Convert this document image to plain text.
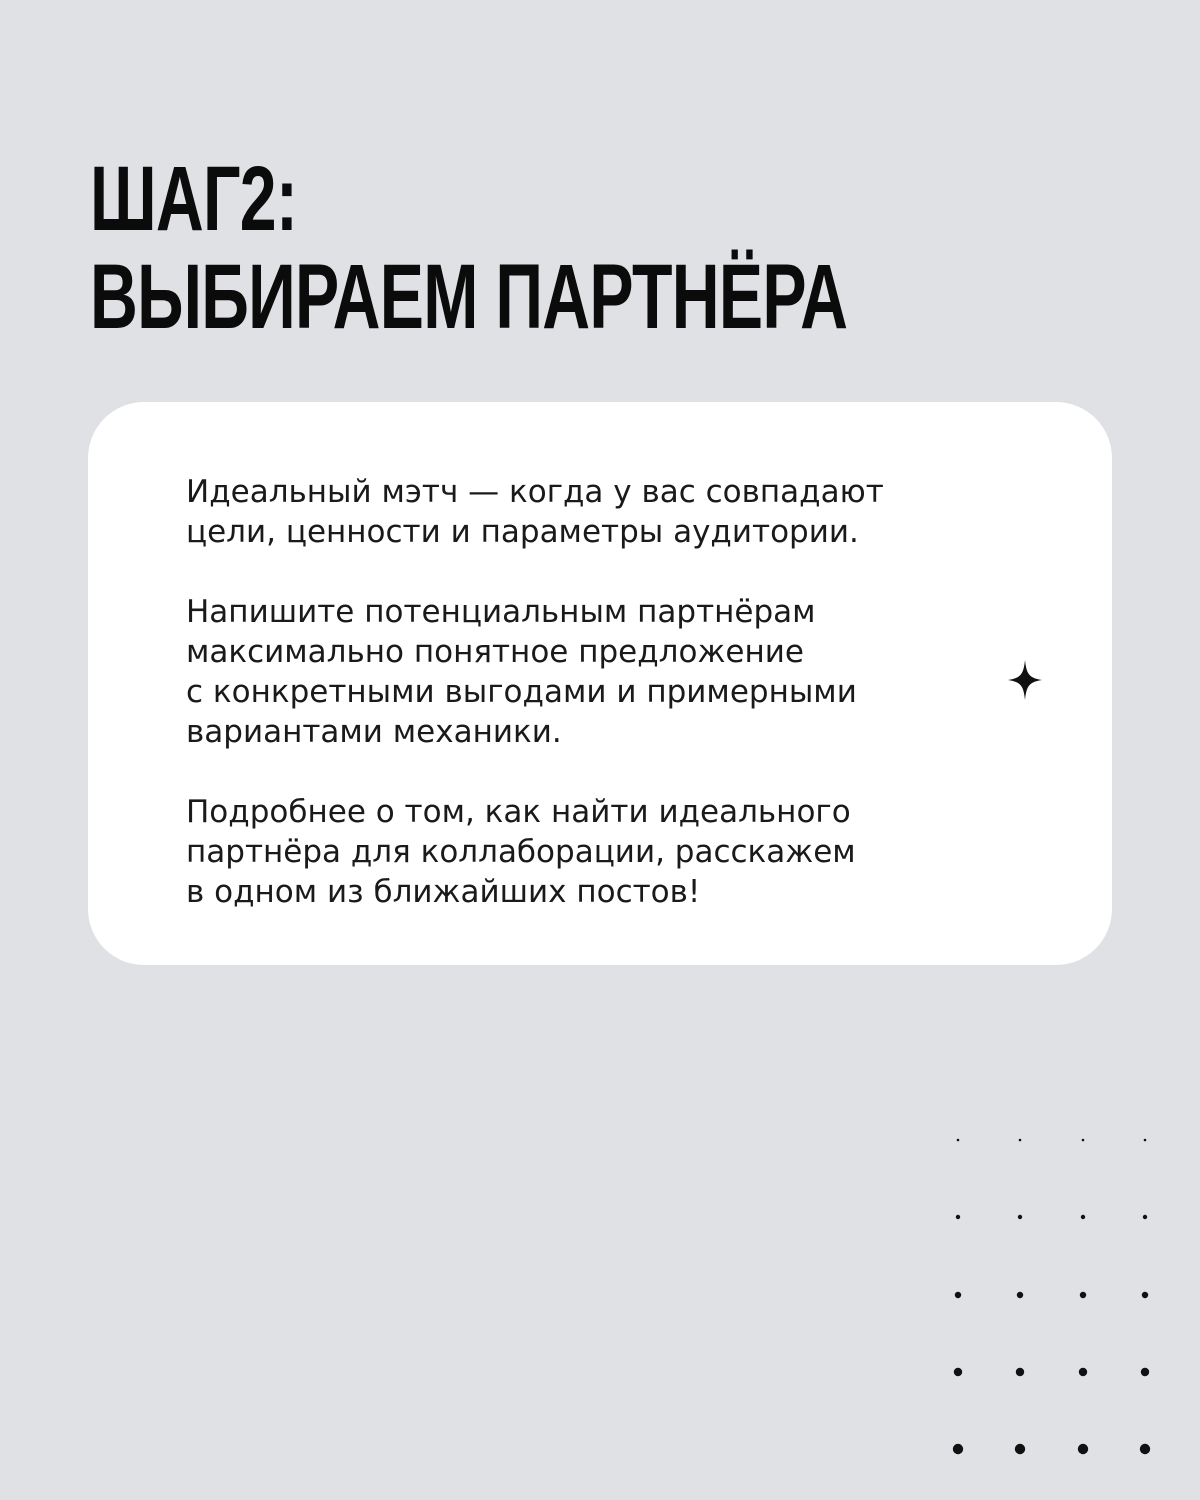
ШАГ2:
ВЫБИРАЕМ ПАРТНЁРА

Идеальный мэтч — когда у вас совпадают
цели, ценности и параметры аудитории.

Напишите потенциальным партнёрам
максимально понятное предложение
с конкретными выгодами и примерными
вариантами механики.

Подробнее о том, как найти идеального
партнёра для коллаборации, расскажем
в одном из ближайших постов!
